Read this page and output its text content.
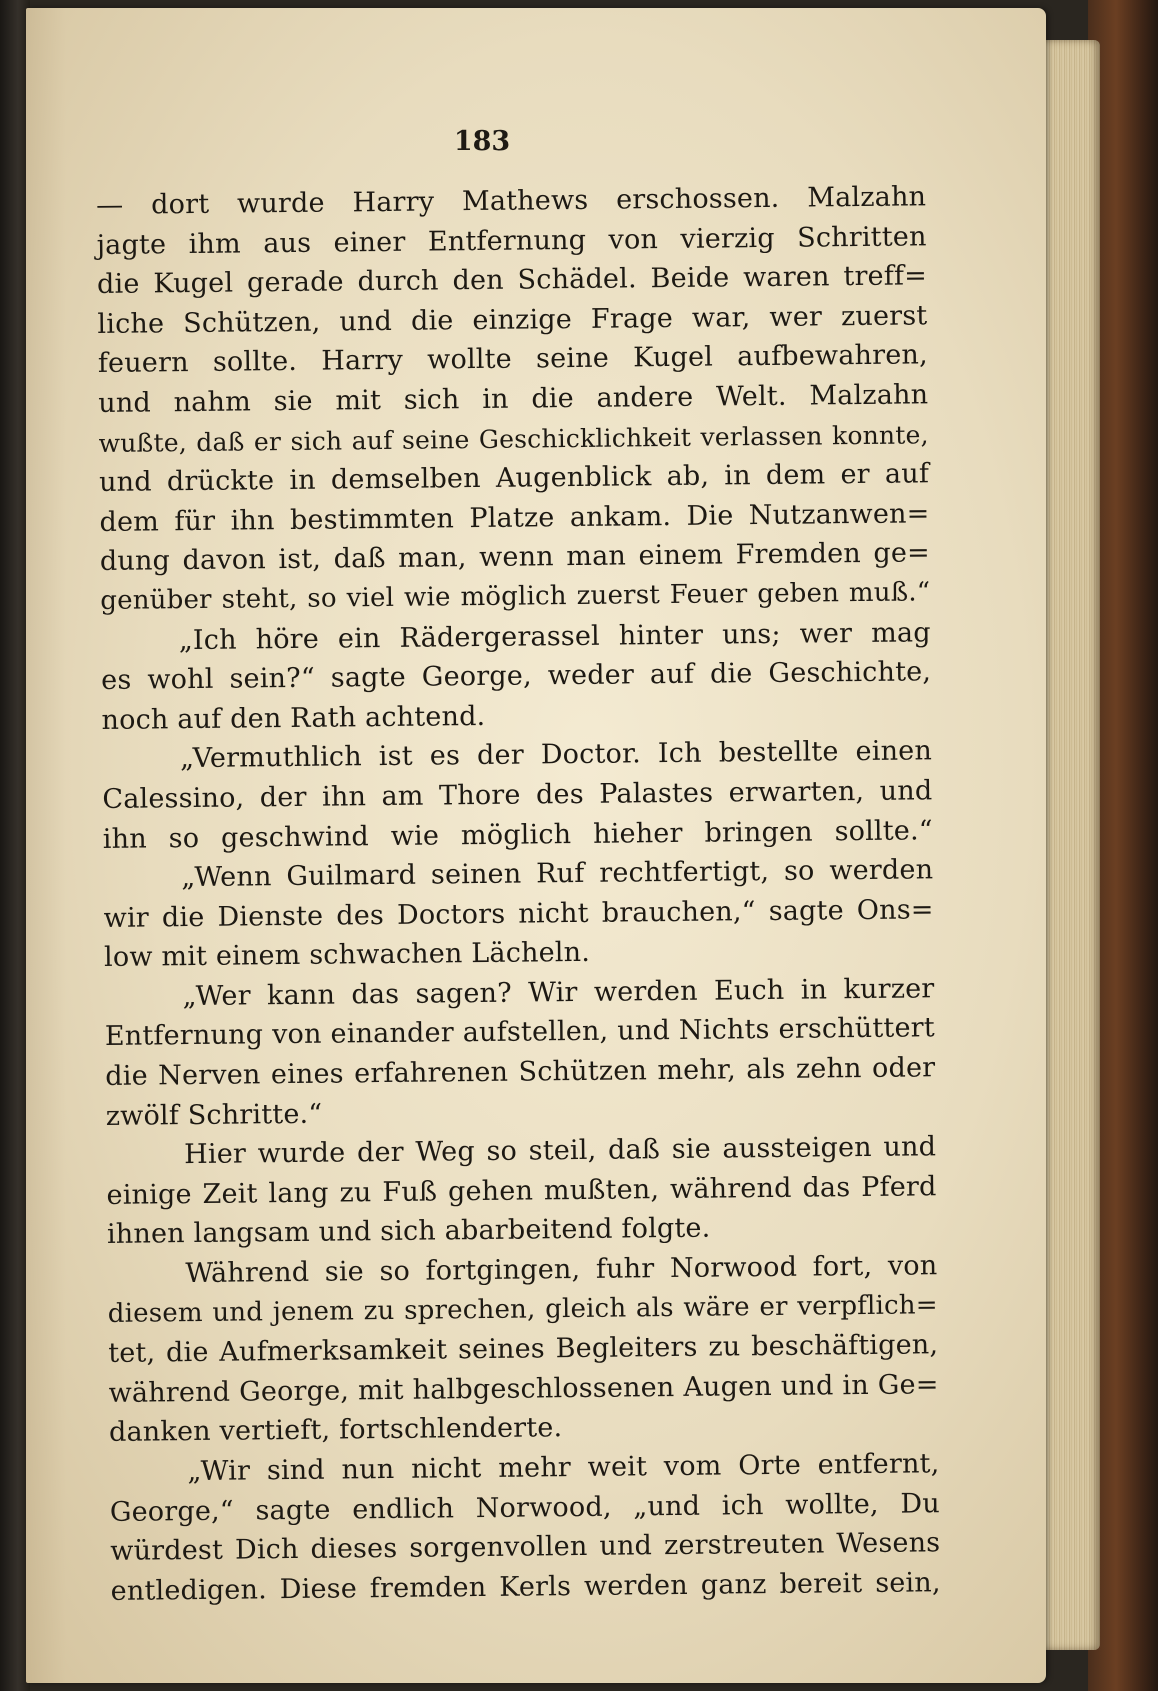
183
— dort wurde Harry Mathews erschossen. Malzahn
jagte ihm aus einer Entfernung von vierzig Schritten
die Kugel gerade durch den Schädel. Beide waren treff=
liche Schützen, und die einzige Frage war, wer zuerst
feuern sollte. Harry wollte seine Kugel aufbewahren,
und nahm sie mit sich in die andere Welt. Malzahn
wußte, daß er sich auf seine Geschicklichkeit verlassen konnte,
und drückte in demselben Augenblick ab, in dem er auf
dem für ihn bestimmten Platze ankam. Die Nutzanwen=
dung davon ist, daß man, wenn man einem Fremden ge=
genüber steht, so viel wie möglich zuerst Feuer geben muß.“
„Ich höre ein Rädergerassel hinter uns; wer mag
es wohl sein?“ sagte George, weder auf die Geschichte,
noch auf den Rath achtend.
„Vermuthlich ist es der Doctor. Ich bestellte einen
Calessino, der ihn am Thore des Palastes erwarten, und
ihn so geschwind wie möglich hieher bringen sollte.“
„Wenn Guilmard seinen Ruf rechtfertigt, so werden
wir die Dienste des Doctors nicht brauchen,“ sagte Ons=
low mit einem schwachen Lächeln.
„Wer kann das sagen? Wir werden Euch in kurzer
Entfernung von einander aufstellen, und Nichts erschüttert
die Nerven eines erfahrenen Schützen mehr, als zehn oder
zwölf Schritte.“
Hier wurde der Weg so steil, daß sie aussteigen und
einige Zeit lang zu Fuß gehen mußten, während das Pferd
ihnen langsam und sich abarbeitend folgte.
Während sie so fortgingen, fuhr Norwood fort, von
diesem und jenem zu sprechen, gleich als wäre er verpflich=
tet, die Aufmerksamkeit seines Begleiters zu beschäftigen,
während George, mit halbgeschlossenen Augen und in Ge=
danken vertieft, fortschlenderte.
„Wir sind nun nicht mehr weit vom Orte entfernt,
George,“ sagte endlich Norwood, „und ich wollte, Du
würdest Dich dieses sorgenvollen und zerstreuten Wesens
entledigen. Diese fremden Kerls werden ganz bereit sein,
